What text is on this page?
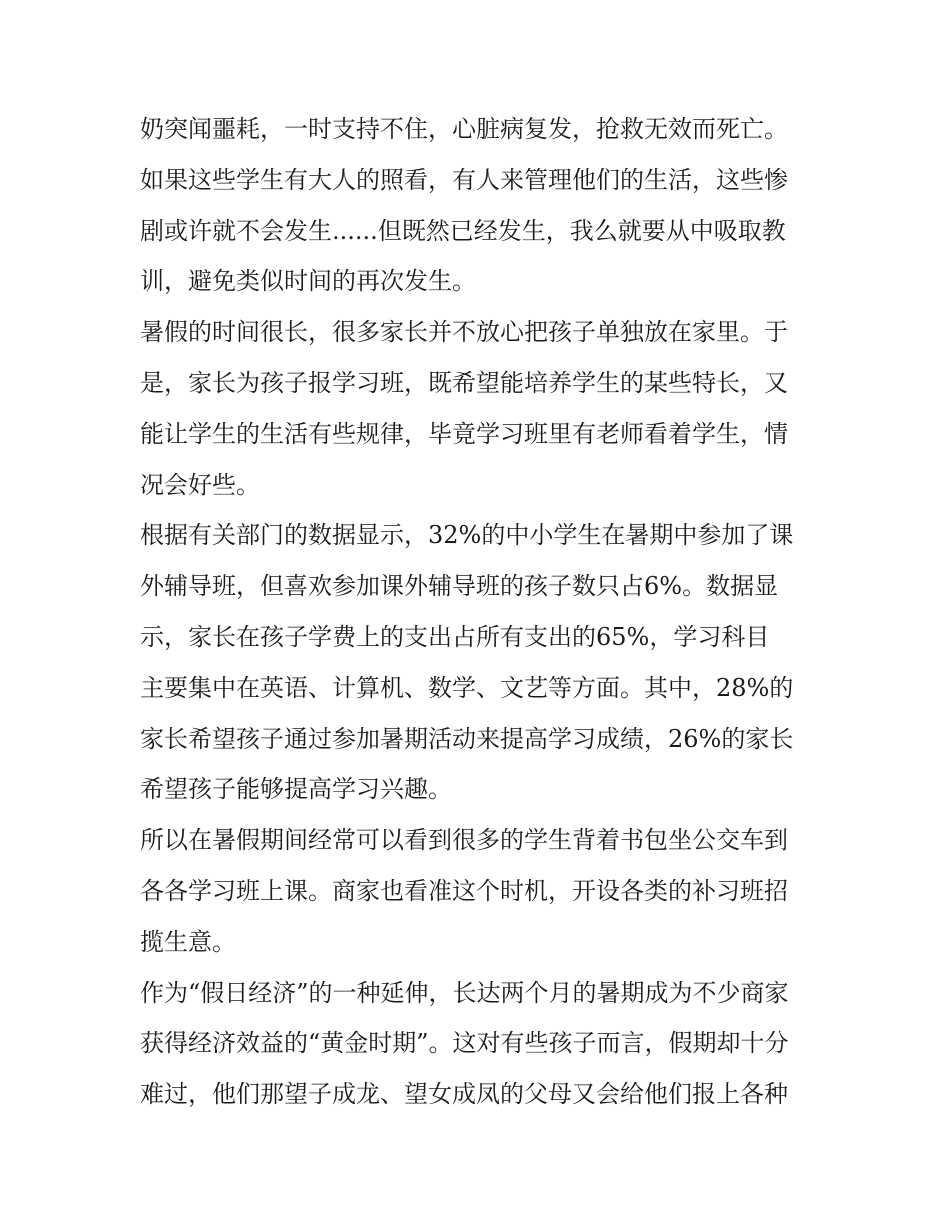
奶突闻噩耗，一时支持不住，心脏病复发，抢救无效而死亡。
如果这些学生有大人的照看，有人来管理他们的生活，这些惨
剧或许就不会发生......但既然已经发生，我么就要从中吸取教
训，避免类似时间的再次发生。
暑假的时间很长，很多家长并不放心把孩子单独放在家里。于
是，家长为孩子报学习班，既希望能培养学生的某些特长，又
能让学生的生活有些规律，毕竟学习班里有老师看着学生，情
况会好些。
根据有关部门的数据显示，32%的中小学生在暑期中参加了课
外辅导班，但喜欢参加课外辅导班的孩子数只占6%。数据显
示，家长在孩子学费上的支出占所有支出的65%，学习科目
主要集中在英语、计算机、数学、文艺等方面。其中，28%的
家长希望孩子通过参加暑期活动来提高学习成绩，26%的家长
希望孩子能够提高学习兴趣。
所以在暑假期间经常可以看到很多的学生背着书包坐公交车到
各各学习班上课。商家也看准这个时机，开设各类的补习班招
揽生意。
作为“假日经济”的一种延伸，长达两个月的暑期成为不少商家
获得经济效益的“黄金时期”。这对有些孩子而言，假期却十分
难过，他们那望子成龙、望女成凤的父母又会给他们报上各种
